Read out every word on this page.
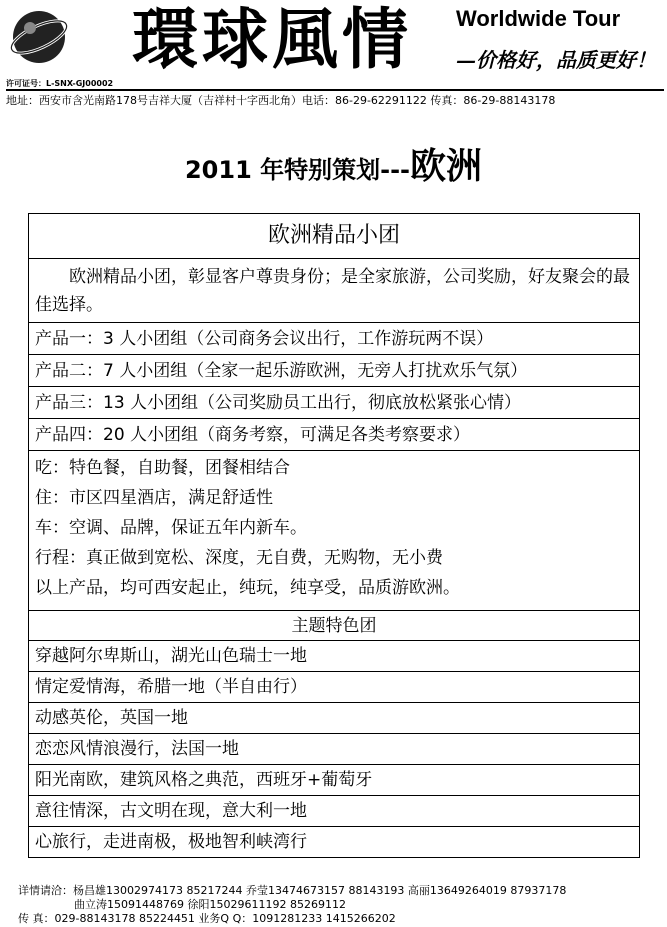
许可证号：L-SNX-GJ00002
環球風情 Worldwide Tour
—价格好，品质更好！
地址：西安市含光南路178号吉祥大厦（吉祥村十字西北角）电话：86-29-62291122 传真：86-29-88143178
2011 年特别策划---欧洲
欧洲精品小团
欧洲精品小团，彰显客户尊贵身份；是全家旅游，公司奖励，好友聚会的最佳选择。
产品一：3 人小团组（公司商务会议出行，工作游玩两不误）
产品二：7 人小团组（全家一起乐游欧洲，无旁人打扰欢乐气氛）
产品三：13 人小团组（公司奖励员工出行，彻底放松紧张心情）
产品四：20 人小团组（商务考察，可满足各类考察要求）
吃：特色餐，自助餐，团餐相结合
住：市区四星酒店，满足舒适性
车：空调、品牌，保证五年内新车。
行程：真正做到宽松、深度，无自费，无购物，无小费
以上产品，均可西安起止，纯玩，纯享受，品质游欧洲。
主题特色团
穿越阿尔卑斯山，湖光山色瑞士一地
情定爱情海，希腊一地（半自由行）
动感英伦，英国一地
恋恋风情浪漫行，法国一地
阳光南欧，建筑风格之典范，西班牙+葡萄牙
意往情深，古文明在现，意大利一地
心旅行，走进南极，极地智利峡湾行
详情请洽：杨昌雄13002974173 85217244 乔莹13474673157 88143193 高丽13649264019 87937178
曲立涛15091448769 徐阳15029611192 85269112
传 真：029-88143178 85224451 业务Q Q：1091281233 1415266202
